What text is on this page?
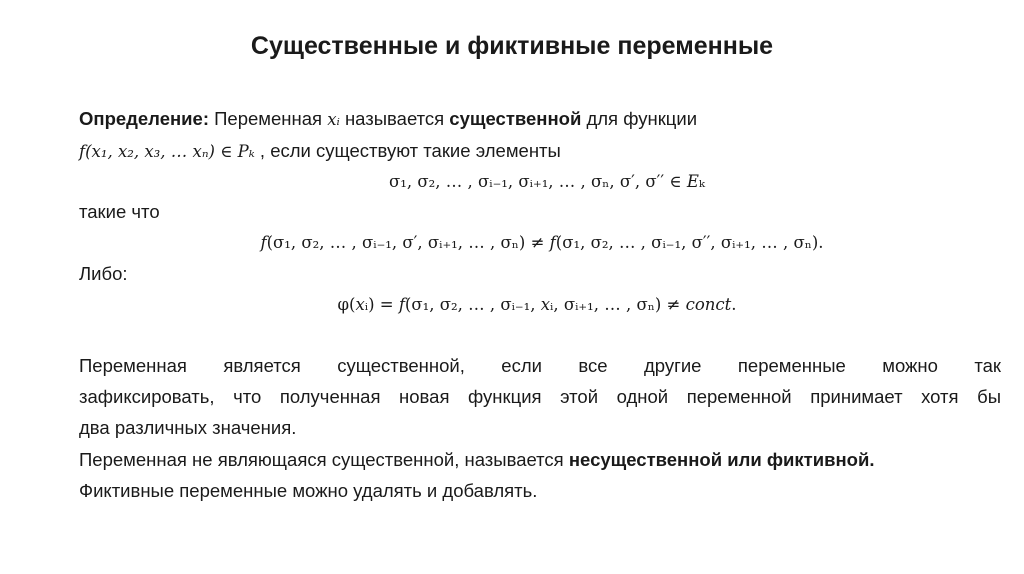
Существенные и фиктивные переменные
Определение: Переменная 𝑥ᵢ называется существенной для функции
𝑓(𝑥₁, 𝑥₂, 𝑥₃, … 𝑥ₙ) ∈ 𝑃ₖ , если существуют такие элементы
σ₁, σ₂, … , σᵢ₋₁, σᵢ₊₁, … , σₙ, σ′, σ′′ ∈ 𝐸ₖ
такие что
𝑓(σ₁, σ₂, … , σᵢ₋₁, σ′, σᵢ₊₁, … , σₙ) ≠ 𝑓(σ₁, σ₂, … , σᵢ₋₁, σ′′, σᵢ₊₁, … , σₙ).
Либо:
φ(𝑥ᵢ) = 𝑓(σ₁, σ₂, … , σᵢ₋₁, 𝑥ᵢ, σᵢ₊₁, … , σₙ) ≠ 𝑐𝑜𝑛𝑐𝑡.
Переменная является существенной, если все другие переменные можно так
зафиксировать, что полученная новая функция этой одной переменной принимает хотя бы
два различных значения.
Переменная не являющаяся существенной, называется несущественной или фиктивной.
Фиктивные переменные можно удалять и добавлять.
